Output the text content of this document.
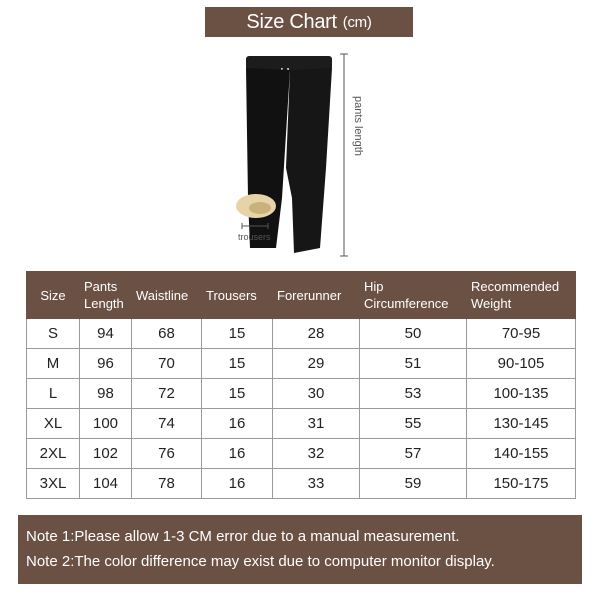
Size Chart (cm)
pants length
trousers
Size	Pants Length	Waistline	Trousers	Forerunner	Hip Circumference	Recommended Weight
S	94	68	15	28	50	70-95
M	96	70	15	29	51	90-105
L	98	72	15	30	53	100-135
XL	100	74	16	31	55	130-145
2XL	102	76	16	32	57	140-155
3XL	104	78	16	33	59	150-175
Note 1:Please allow 1-3 CM error due to a manual measurement.
Note 2:The color difference may exist due to computer monitor display.
